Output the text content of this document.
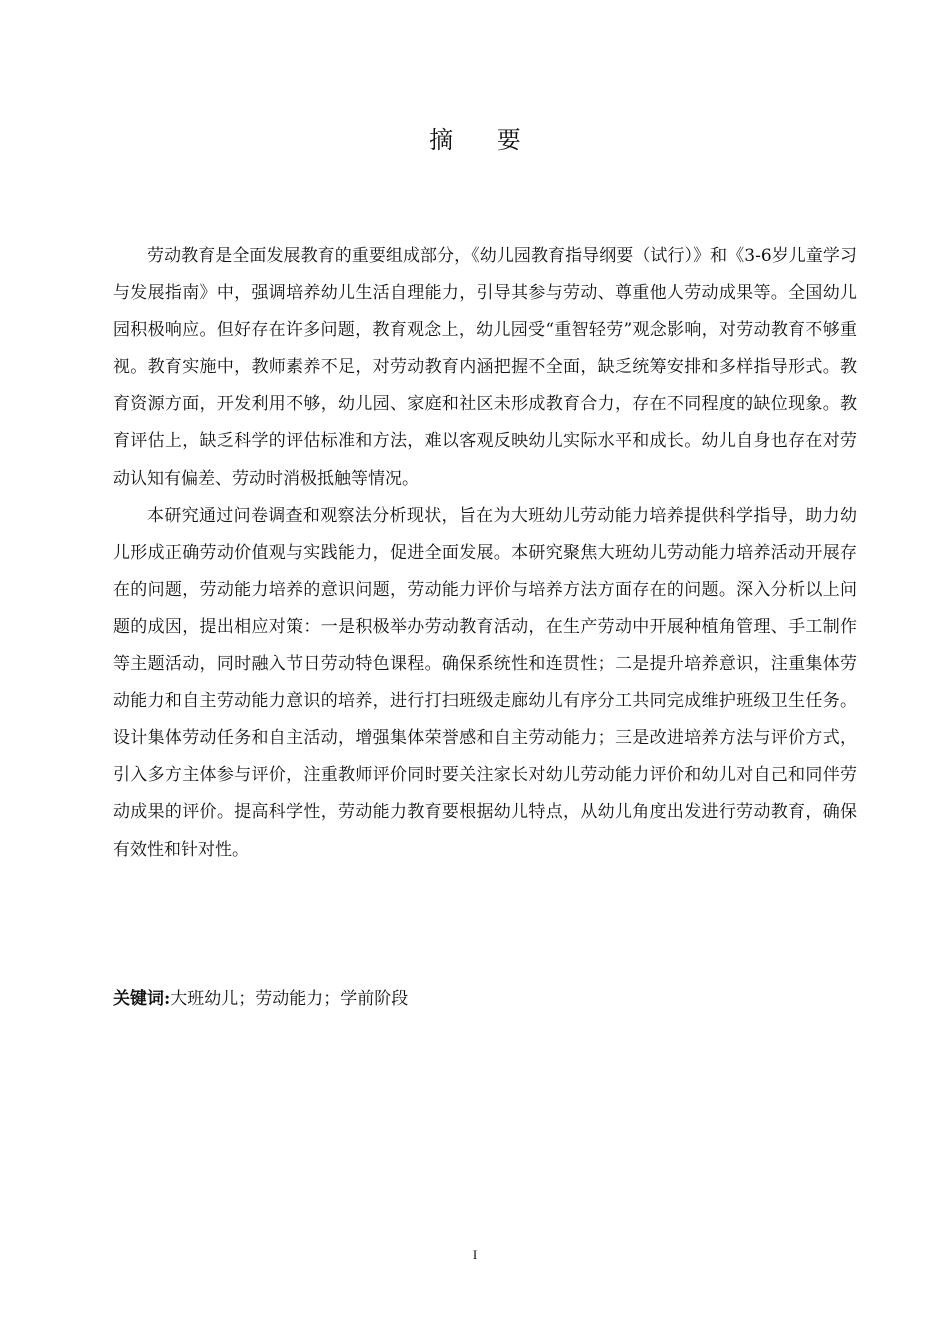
摘 要

劳动教育是全面发展教育的重要组成部分，《幼儿园教育指导纲要（试行）》和《3-6岁儿童学习与发展指南》中，强调培养幼儿生活自理能力，引导其参与劳动、尊重他人劳动成果等。全国幼儿园积极响应。但好存在许多问题，教育观念上，幼儿园受“重智轻劳”观念影响，对劳动教育不够重视。教育实施中，教师素养不足，对劳动教育内涵把握不全面，缺乏统筹安排和多样指导形式。教育资源方面，开发利用不够，幼儿园、家庭和社区未形成教育合力，存在不同程度的缺位现象。教育评估上，缺乏科学的评估标准和方法，难以客观反映幼儿实际水平和成长。幼儿自身也存在对劳动认知有偏差、劳动时消极抵触等情况。

本研究通过问卷调查和观察法分析现状，旨在为大班幼儿劳动能力培养提供科学指导，助力幼儿形成正确劳动价值观与实践能力，促进全面发展。本研究聚焦大班幼儿劳动能力培养活动开展存在的问题，劳动能力培养的意识问题，劳动能力评价与培养方法方面存在的问题。深入分析以上问题的成因，提出相应对策：一是积极举办劳动教育活动，在生产劳动中开展种植角管理、手工制作等主题活动，同时融入节日劳动特色课程。确保系统性和连贯性；二是提升培养意识，注重集体劳动能力和自主劳动能力意识的培养，进行打扫班级走廊幼儿有序分工共同完成维护班级卫生任务。设计集体劳动任务和自主活动，增强集体荣誉感和自主劳动能力；三是改进培养方法与评价方式，引入多方主体参与评价，注重教师评价同时要关注家长对幼儿劳动能力评价和幼儿对自己和同伴劳动成果的评价。提高科学性，劳动能力教育要根据幼儿特点，从幼儿角度出发进行劳动教育，确保有效性和针对性。

关键词:大班幼儿；劳动能力；学前阶段
I
